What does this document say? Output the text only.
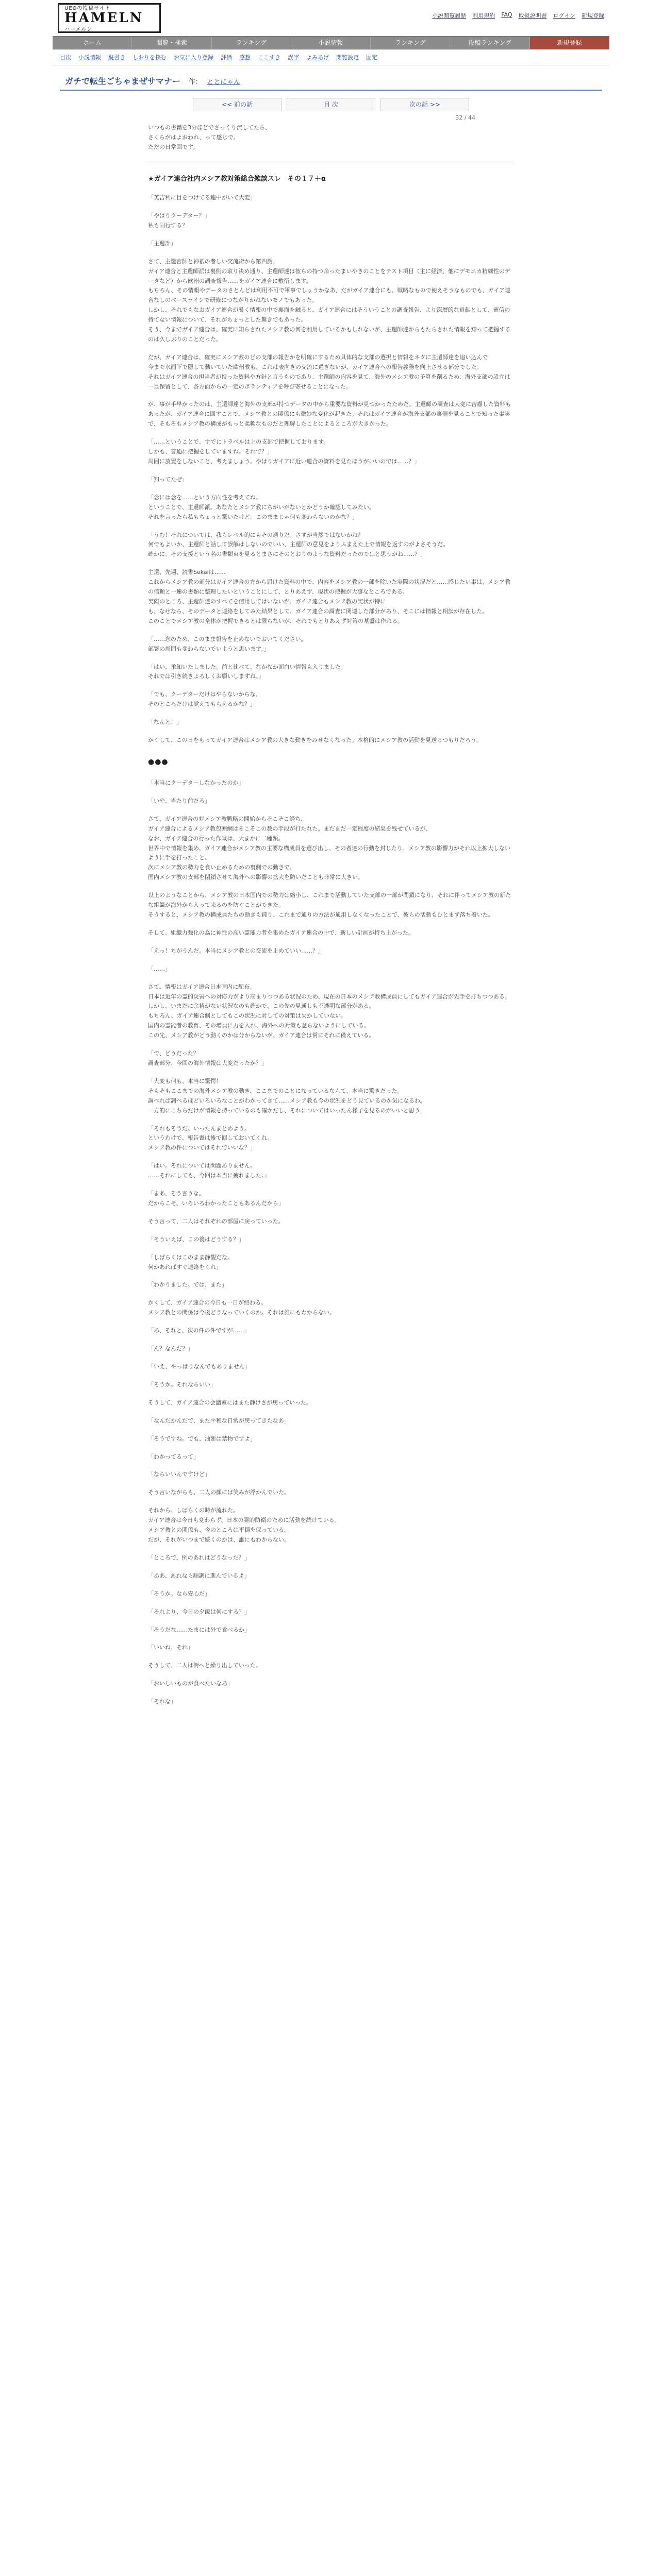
UEOの投稿サイト
HAMELN
ハーメルン
小説閲覧履歴 利用規約 FAQ 取扱説明書 ログイン 新規登録
ホーム	閲覧・検索	ランキング	小説情報	ランキング	投稿ランキング	新規登録
目次 小説情報 縦書き しおりを挟む お気に入り登録 評価 感想 ここすき 誤字 よみあげ 閲覧設定 固定
ガチで転生ごちゃまぜサマナー 作： ととにゃん
<< 前の話	目 次	次の話 >>
32 / 44
いつもの書籍を3分ほどでさっくり流してたら、
さくらがはよおわれ、って感じで。
ただの日常回です。
★ガイア連合社内メシア教対策総合雑談スレ　その１７＋α
「英吉利に目をつけてる連中がいて大変」
「やはりクーデター？」
私も同行する？
「主還計」
さて、主還言師と神祇の者しい交流術から第四話。
ガイア連合と主還師派は裏側の取り決め通り、主還師達は彼らの持つ余ったまいやきのことをテスト項目（主に経済、他にデモニカ精練性のデータなど）から欧州の調査報告……をガイア連合に敷衍します。
もちろん、その情報やデータのさとんどは利用不可で軍事でしょうかなあ、だがガイア連合にも、戦略なもので使えそうなものでも、ガイア連合なしのベースラインで研修につながりかねないモノでもあった。
しかし、それでもなおガイア連合が暴く情報の中で裏面を触ると、ガイア連合にはそういうことの調査報告、より深層的な貢献として、確信の持てない情報について、それがちょっとした驚きでもあった。
そう、今までガイア連合は、確実に知らされたメシア教の何を利用しているかもしれないが、主還師達からもたらされた情報を知って把握するのは久しぶりのことだった。
だが、ガイア連合は、確実にメシア教のどの支部の報告かを明確にするため具体的な支部の選択と情報をネタに主還師達を追い込んで
今まで水面下で隠して動いていた欧州教も、これは表向きの交流に過ぎないが、ガイア連合への報告義務を向上させる部分でした。
それはガイア連合の担当者が持った資料や方針と言うものであり、主還師の内容を見て、海外のメシア教の予算を削るため、海外支部の設立は一旦保留として、各方面からの一定のボランティアを呼び寄せることになった。
が、事が手早かったのは、主還師達と海外の支部が持つデータの中から重要な資料が見つかったためだ。主還師の調査は大変に苦慮した資料もあったが、ガイア連合に回すことで、メシア教との関係にも微妙な変化が起きた。それはガイア連合が海外支部の裏側を見ることで知った事実で、そもそもメシア教の構成がもっと柔軟なものだと理解したことによるところが大きかった。
「……ということで、すでにトラベルは上の支部で把握しております。
しかも、普通に把握をしていますね。それで？」
周囲に放置をしないこと、考えましょう。やはりガイアに近い連合の資料を見たほうがいいのでは……？」
「知ってたぜ」
「念には念を……という方向性を考えてね。
ということで、主還師派。あなたとメシア教にちがいがないとかどうか確認してみたい。
それを言ったら私もちょっと驚いたけど、このままじゃ何も変わらないのかな？」
「うむ！それについては、我らレベル的にもその通りだ。さすが当然ではないかね？
何でもよいか、主還師と話して誤解はしないのでいい、主還師の意見をよりふまえた上で情報を返すのがよさそうだ。
確かに、その支援という名の書類束を見るとまさにそのとおりのような資料だったのではと思うがね……？」
主還、先週、読書Sekaiは……
これからメシア教の部分はガイア連合の方から届けた資料の中で、内容をメシア教の一部を除いた実際の状況だと……感じたい事は、メシア教の信頼と一連の書類に整理したいということにして、とりあえず、現状の把握が大事なところである。
実際のところ、主還師達のすべてを信用してはいないが、ガイア連合もメシア教の実状が特に
も、なぜなら、そのデータと連絡をしてみた結果として、ガイア連合の調査に関連した部分があり、そこには情報と相談が存在した。
このことでメシア教の全体が把握できるとは限らないが、それでもとりあえず対策の基盤は作れる。
「……念のため、このまま報告を止めないでおいてください。
部署の周囲も変わらないでいようと思います。」
「はい、承知いたしました。前と比べて、なかなか面白い情報も入りました。
それでは引き続きよろしくお願いしますね。」
「でも、クーデターだけはやらないからな、
そのところだけは覚えてもらえるかな？」
「なんと！」
かくして、この日をもってガイア連合はメシア教の大きな動きをみせなくなった。本格的にメシア教の活動を見送るつもりだろう。
●●●
「本当にクーデターしなかったのか」
「いや、当たり前だろ」
さて、ガイア連合の対メシア教戦略の開始からそこそこ経ち、
ガイア連合によるメシア教包囲網はそこそこの数の手段が打たれた。まだまだ一定程度の結果を残せているが、
なお、ガイア連合の行った作戦は、大まかに二種類。
世界中で情報を集め、ガイア連合がメシア教の主要な構成員を選び出し、その者達の行動を封じたり、メシア教の影響力がそれ以上拡大しないように手を打ったこと。
次にメシア教の勢力を食い止めるための裏側での動きで、
国内メシア教の支部を閉鎖させて海外への影響の拡大を防いだことも非常に大きい。
以上のようなことから、メシア教の日本国内での勢力は縮小し、これまで活動していた支部の一部が閉鎖になり、それに伴ってメシア教の新たな組織が海外から入って来るのを防ぐことができた。
そうすると、メシア教の構成員たちの動きも鈍り、これまで通りの方法が通用しなくなったことで、彼らの活動もひとまず落ち着いた。
そして、組織力強化の為に神性の高い霊能力者を集めたガイア連合の中で、新しい計画が持ち上がった。
「えっ！ちがうんだ。本当にメシア教との交流を止めていい……？」
「……」
さて、情報はガイア連合日本国内に配布。
日本は近年の霊的災害への対応力がより高まりつつある状況のため、現在の日本のメシア教構成員にしてもガイア連合が先手を打ちつつある。
しかし、いまだに余裕がない状況なのも確かで、この先の見通しも不透明な部分がある。
もちろん、ガイア連合側としてもこの状況に対しての対策は欠かしていない。
国内の霊能者の教育、その増員に力を入れ、海外への対策も怠らないようにしている。
この先、メシア教がどう動くのかは分からないが、ガイア連合は常にそれに備えている。
「で、どうだった？
調査部分、今回の海外情報は大変だったか？」
「大変も何も、本当に驚愕！
そもそもここまでの海外メシア教の動き、ここまでのことになっているなんて、本当に驚きだった。
調べれば調べるほどいろいろなことがわかってきて……メシア教も今の状況をどう見ているのか気になるわ。
一方的にこちらだけが情報を持っているのも確かだし、それについてはいったん様子を見るのがいいと思う」
「それもそうだ。いったんまとめよう。
というわけで、報告書は後で回しておいてくれ。
メシア教の件についてはそれでいいな？」
「はい。それについては問題ありません。
……それにしても、今回は本当に疲れました。」
「まあ、そう言うな。
だからこそ、いろいろわかったこともあるんだから」
そう言って、二人はそれぞれの部屋に戻っていった。
「そういえば、この後はどうする？」
「しばらくはこのまま静観だな。
何かあればすぐ連絡をくれ」
「わかりました。では、また」
かくして、ガイア連合の今日も一日が終わる。
メシア教との関係は今後どうなっていくのか。それは誰にもわからない。
「あ、それと、次の件の件ですが……」
「ん？なんだ？」
「いえ、やっぱりなんでもありません」
「そうか。それならいい」
そうして、ガイア連合の会議室にはまた静けさが戻っていった。
「なんだかんだで、また平和な日常が戻ってきたなあ」
「そうですね。でも、油断は禁物ですよ」
「わかってるって」
「ならいいんですけど」
そう言いながらも、二人の顔には笑みが浮かんでいた。
それから、しばらくの時が流れた。
ガイア連合は今日も変わらず、日本の霊的防衛のために活動を続けている。
メシア教との関係も、今のところは平穏を保っている。
だが、それがいつまで続くのかは、誰にもわからない。
「ところで、例のあれはどうなった？」
「ああ、あれなら順調に進んでいるよ」
「そうか。なら安心だ」
「それより、今日の夕飯は何にする？」
「そうだな……たまには外で食べるか」
「いいね、それ」
そうして、二人は街へと繰り出していった。
「おいしいものが食べたいなあ」
「それな」
